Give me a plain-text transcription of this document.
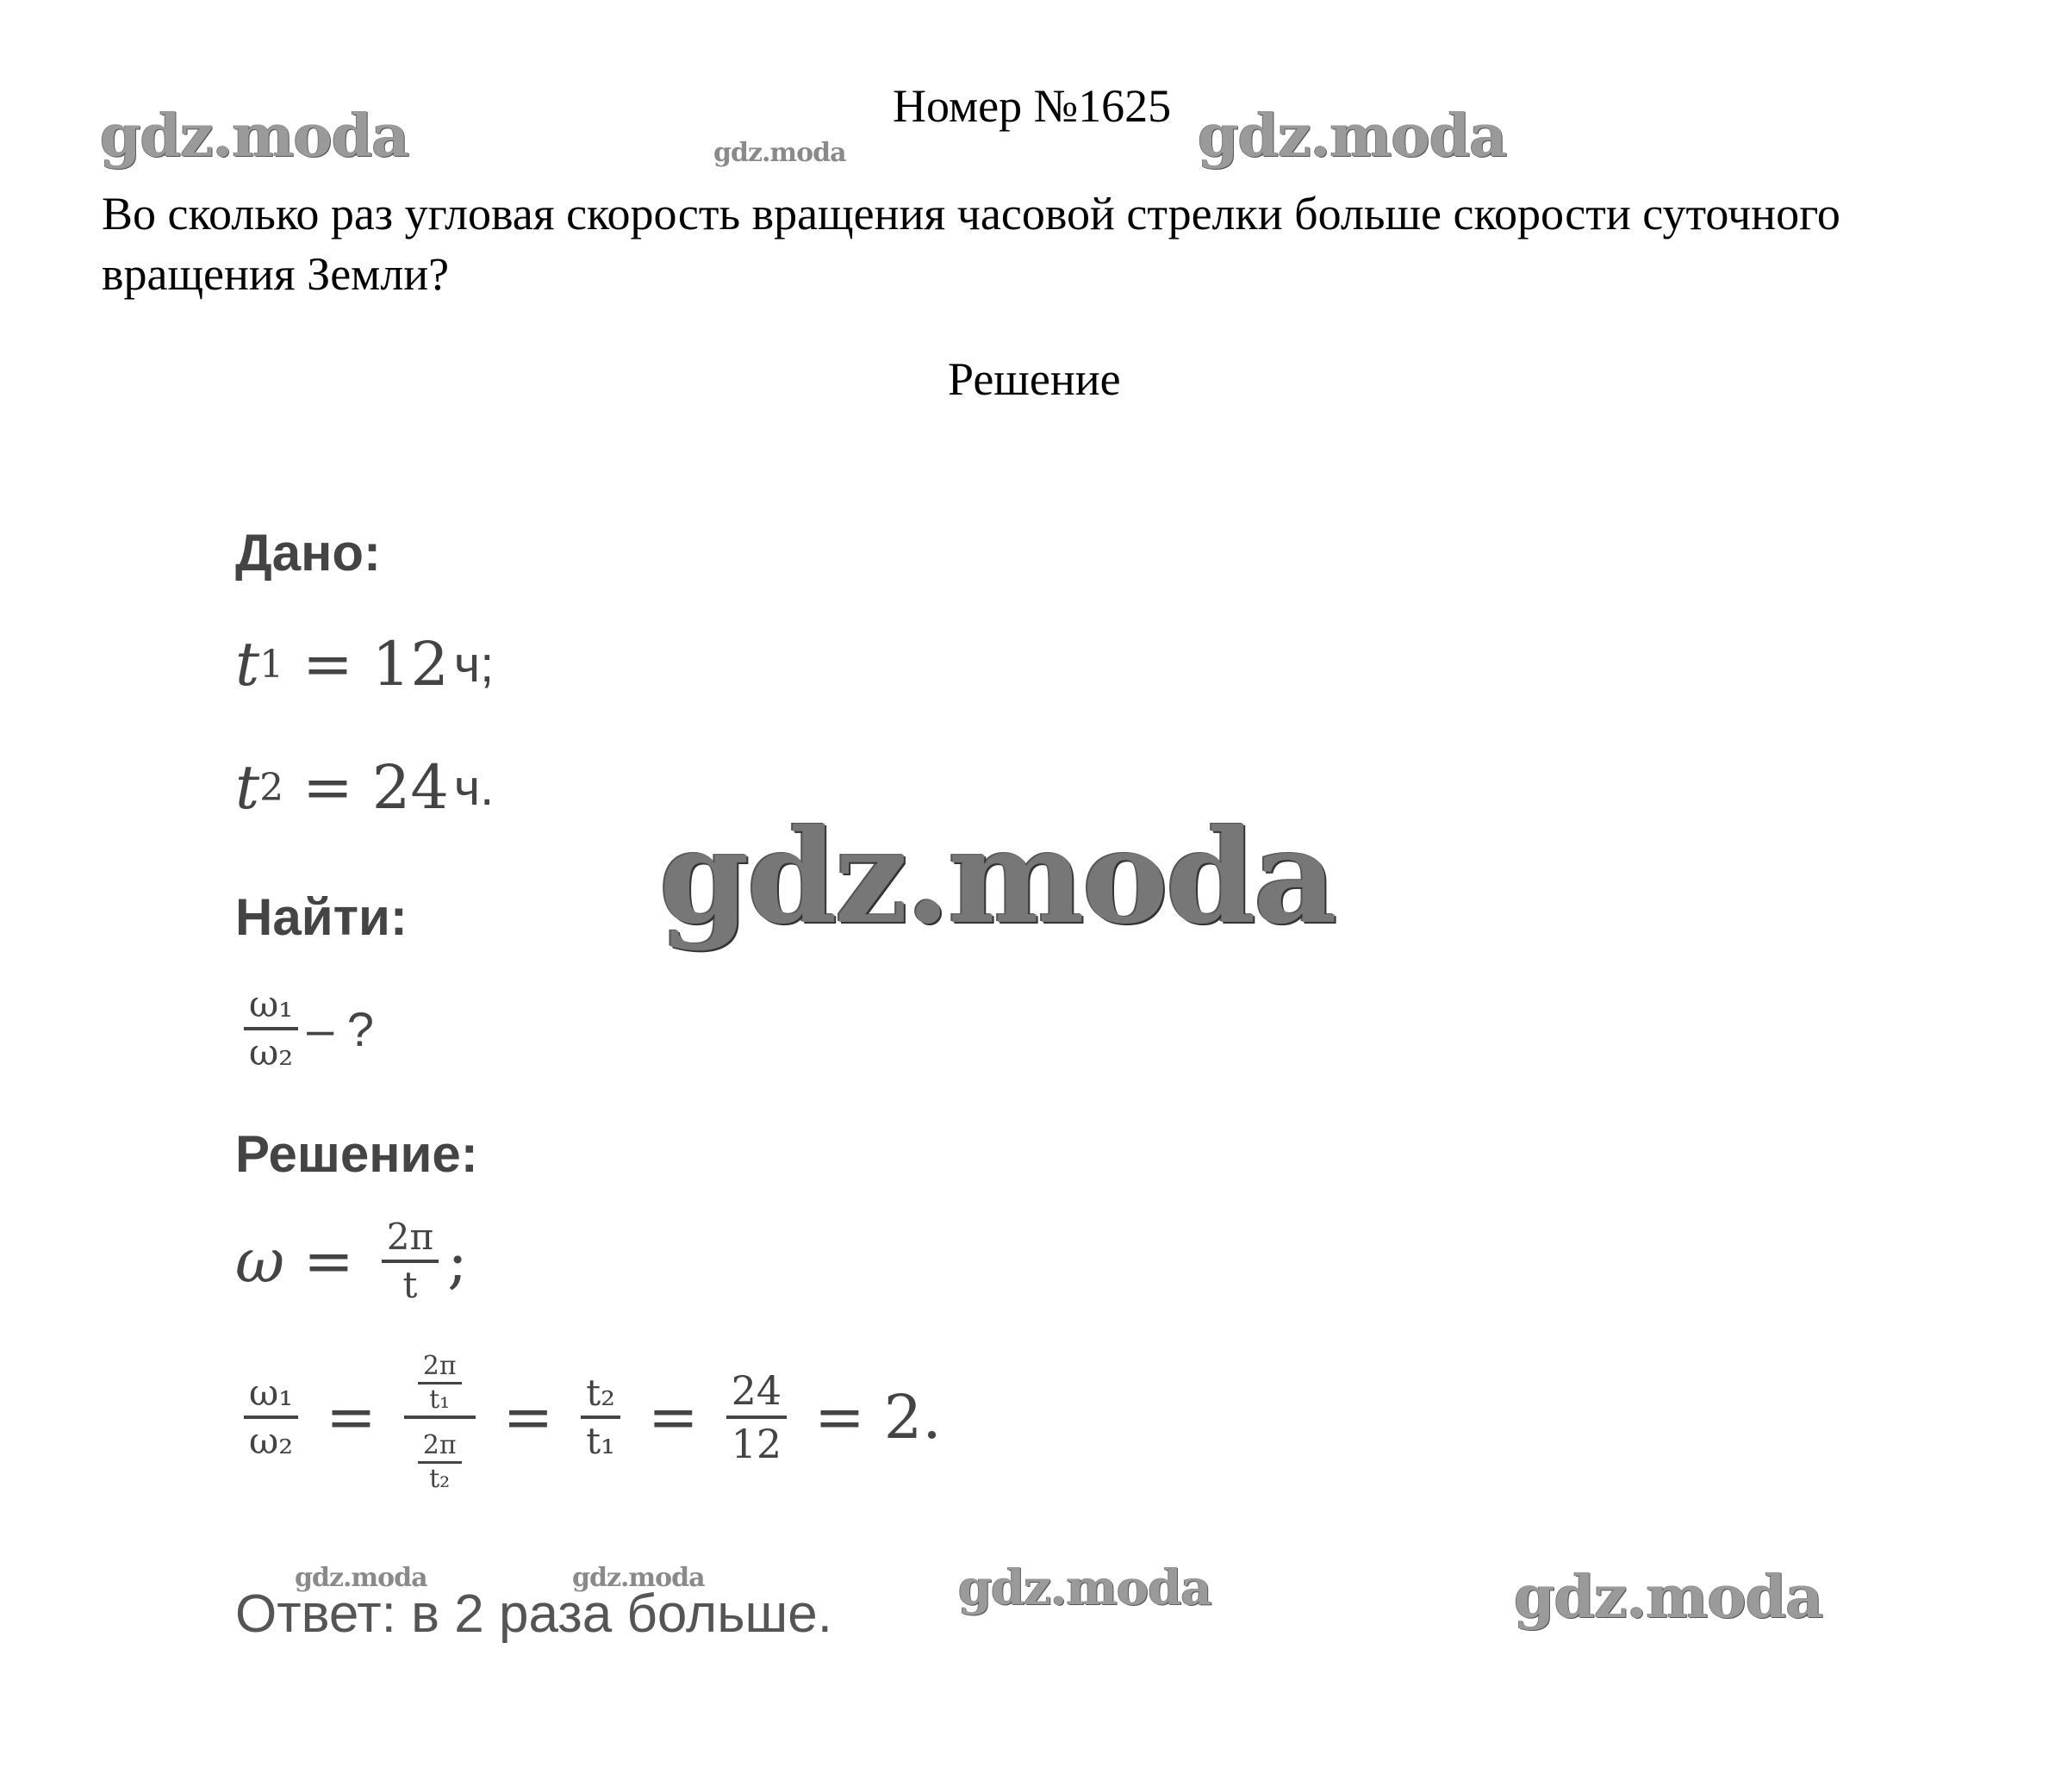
gdz.moda	gdz.moda	gdz.moda
gdz.moda
gdz.moda	gdz.moda	gdz.moda	gdz.moda
Номер №1625
Во сколько раз угловая скорость вращения часовой стрелки больше скорости суточного вращения Земли?
Решение
Дано:
t 1 = 12 ч;
t 2 = 24 ч.
Найти:
$\frac{\text{ω₁}}{\text{ω₂}}$ – ?
Решение:
$\omega = \frac{2\pi}{t}$ ;
$\frac{\text{ω₁}}{\text{ω₂}} = \frac{\frac{2\pi}{\text{t₁}}}{\frac{2\pi}{\text{t₂}}} = \frac{\text{t₂}}{\text{t₁}} = \frac{24}{12} = 2$.
Ответ: в 2 раза больше.
